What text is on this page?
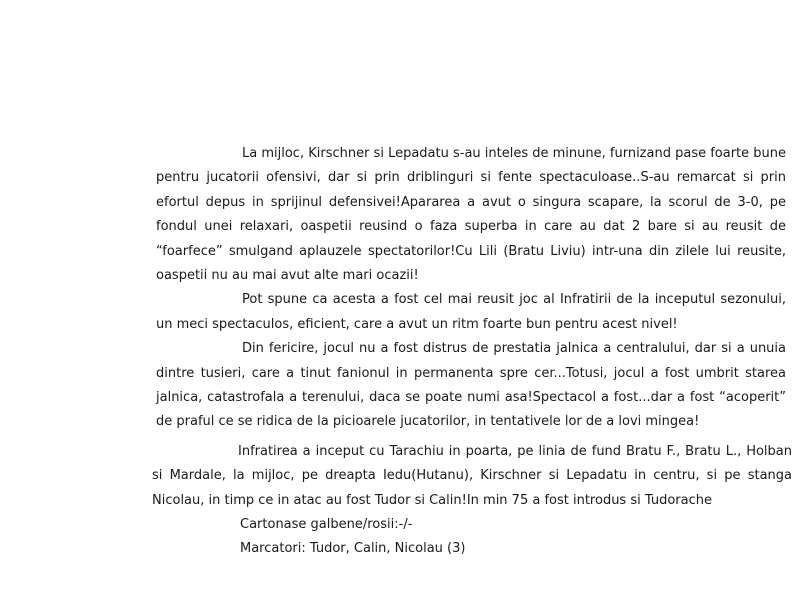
La mijloc, Kirschner si Lepadatu s-au inteles de minune, furnizand pase foarte bune pentru jucatorii ofensivi, dar si prin driblinguri si fente spectaculoase..S-au remarcat si prin efortul depus in sprijinul defensivei!Apararea a avut o singura scapare, la scorul de 3-0, pe fondul unei relaxari, oaspetii reusind o faza superba in care au dat 2 bare si au reusit de “foarfece” smulgand aplauzele spectatorilor!Cu Lili (Bratu Liviu) intr-una din zilele lui reusite, oaspetii nu au mai avut alte mari ocazii!

Pot spune ca acesta a fost cel mai reusit joc al Infratirii de la inceputul sezonului, un meci spectaculos, eficient, care a avut un ritm foarte bun pentru acest nivel!

Din fericire, jocul nu a fost distrus de prestatia jalnica a centralului, dar si a unuia dintre tusieri, care a tinut fanionul in permanenta spre cer...Totusi, jocul a fost umbrit starea jalnica, catastrofala a terenului, daca se poate numi asa!Spectacol a fost...dar a fost “acoperit” de praful ce se ridica de la picioarele jucatorilor, in tentativele lor de a lovi mingea!

Infratirea a inceput cu Tarachiu in poarta, pe linia de fund Bratu F., Bratu L., Holban si Mardale, la mijloc, pe dreapta Iedu(Hutanu), Kirschner si Lepadatu in centru, si pe stanga Nicolau, in timp ce in atac au fost Tudor si Calin!In min 75 a fost introdus si Tudorache

Cartonase galbene/rosii:-/-

Marcatori: Tudor, Calin, Nicolau (3)
